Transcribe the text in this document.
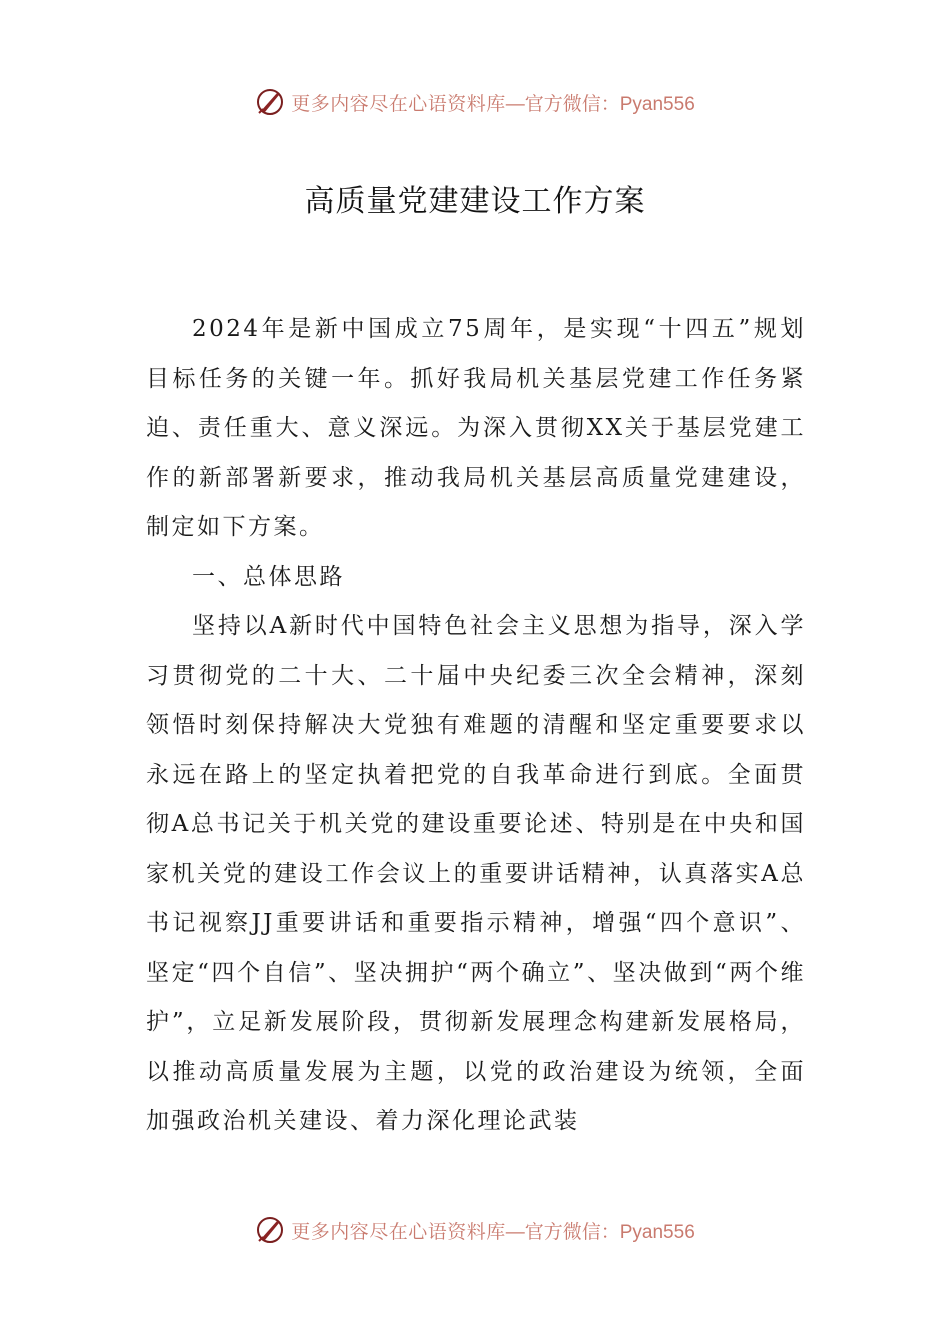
更多内容尽在心语资料库 —官方微信：Pyan556
高质量党建建设工作方案

2024年是新中国成立75周年，是实现“十四五”规划目标任务的关键一年。抓好我局机关基层党建工作任务紧迫、责任重大、意义深远。为深入贯彻XX关于基层党建工作的新部署新要求，推动我局机关基层高质量党建建设，制定如下方案。

一、总体思路

坚持以A新时代中国特色社会主义思想为指导，深入学习贯彻党的二十大、二十届中央纪委三次全会精神，深刻领悟时刻保持解决大党独有难题的清醒和坚定重要要求以永远在路上的坚定执着把党的自我革命进行到底。全面贯彻A总书记关于机关党的建设重要论述、特别是在中央和国家机关党的建设工作会议上的重要讲话精神，认真落实A总书记视察JJ重要讲话和重要指示精神，增强“四个意识”、坚定“四个自信”、坚决拥护“两个确立”、坚决做到“两个维护”，立足新发展阶段，贯彻新发展理念构建新发展格局，以推动高质量发展为主题，以党的政治建设为统领，全面加强政治机关建设、着力深化理论武装

更多内容尽在心语资料库 —官方微信：Pyan556
